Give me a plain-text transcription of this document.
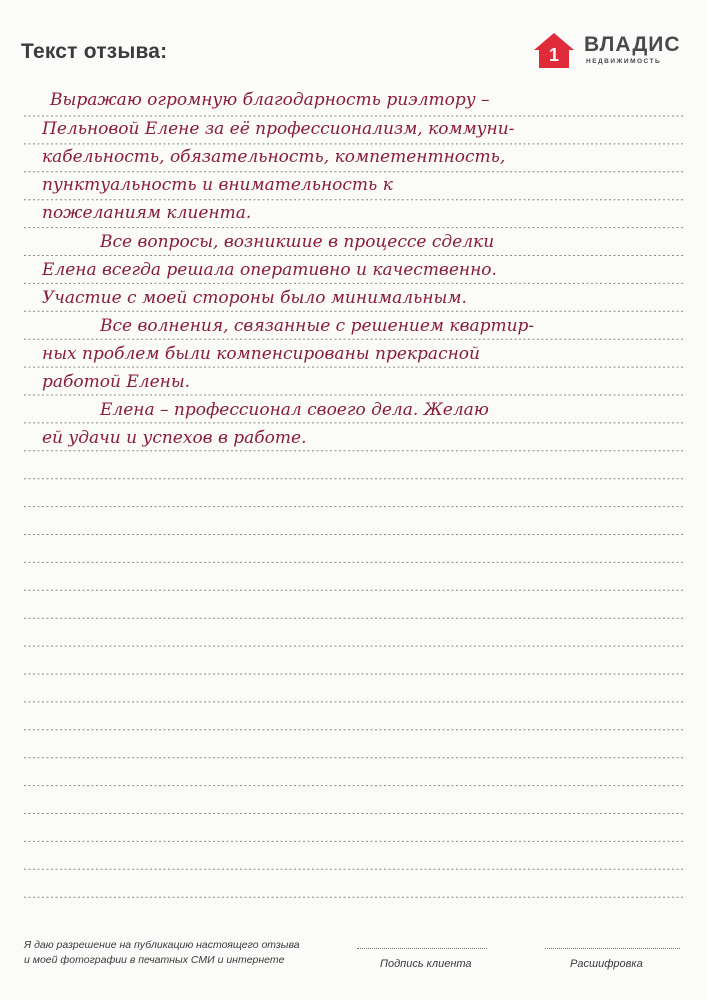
Текст отзыва:	1 ВЛАДИС
НЕДВИЖИМОСТЬ
Выражаю огромную благодарность риэлтору –
Пельновой Елене за её профессионализм, коммуни-
кабельность, обязательность, компетентность,
пунктуальность и внимательность к
пожеланиям клиента.
Все вопросы, возникшие в процессе сделки
Елена всегда решала оперативно и качественно.
Участие с моей стороны было минимальным.
Все волнения, связанные с решением квартир-
ных проблем были компенсированы прекрасной
работой Елены.
Елена – профессионал своего дела. Желаю
ей удачи и успехов в работе.
Я даю разрешение на публикацию настоящего отзыва
и моей фотографии в печатных СМИ и интернете	Подпись клиента	Расшифровка
